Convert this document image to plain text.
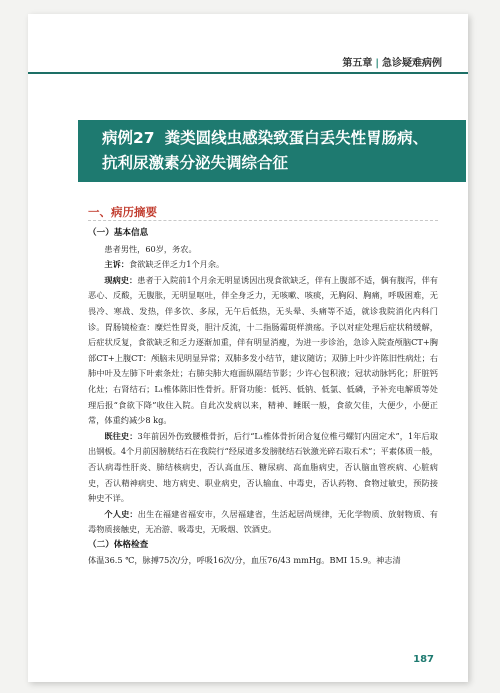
第五章 | 急诊疑难病例
病例27 粪类圆线虫感染致蛋白丢失性胃肠病、
抗利尿激素分泌失调综合征
一、病历摘要

（一）基本信息

患者男性，60岁，务农。

主诉：食欲缺乏伴乏力1个月余。

现病史：患者于入院前1个月余无明显诱因出现食欲缺乏，伴有上腹部不适，偶有腹泻，伴有恶心、反酸，无腹胀，无明显呕吐，伴全身乏力，无咳嗽、咳痰，无胸闷、胸痛，呼吸困难，无畏冷、寒战、发热，伴多饮、多尿，无午后低热，无头晕、头痛等不适，就诊我院消化内科门诊。胃肠镜检查：糜烂性胃炎，胆汁反流，十二指肠霜斑样溃疡。予以对症处理后症状稍缓解，后症状反复，食欲缺乏和乏力逐渐加重，伴有明显消瘦，为进一步诊治，急诊入院查颅脑CT+胸部CT+上腹CT：颅脑未见明显异常；双肺多发小结节，建议随访；双肺上叶少许陈旧性病灶；右肺中叶及左肺下叶索条灶；右肺尖肺大疱面纵隔结节影；少许心包积液；冠状动脉钙化；肝脏钙化灶；右肾结石；L₁椎体陈旧性骨折。肝肾功能：低钙、低钠、低氯、低磷，予补充电解质等处理后报“食欲下降”收住入院。自此次发病以来，精神、睡眠一般，食欲欠佳，大便少，小便正常，体重约减少8 kg。

既往史：3年前因外伤致腰椎骨折，后行“L₁椎体骨折闭合复位椎弓螺钉内固定术”，1年后取出钢板。4个月前因膀胱结石在我院行“经尿道多发膀胱结石钬激光碎石取石术”；平素体质一般，否认病毒性肝炎、肺结核病史，否认高血压、糖尿病、高血脂病史，否认脑血管疾病、心脏病史，否认精神病史、地方病史、职业病史，否认输血、中毒史，否认药物、食物过敏史，预防接种史不详。

个人史：出生在福建省福安市，久居福建省，生活起居尚规律，无化学物质、放射物质、有毒物质接触史，无冶游、吸毒史，无吸烟、饮酒史。

（二）体格检查

体温36.5 ℃，脉搏75次/分，呼吸16次/分，血压76/43 mmHg。BMI 15.9。神志清

187
